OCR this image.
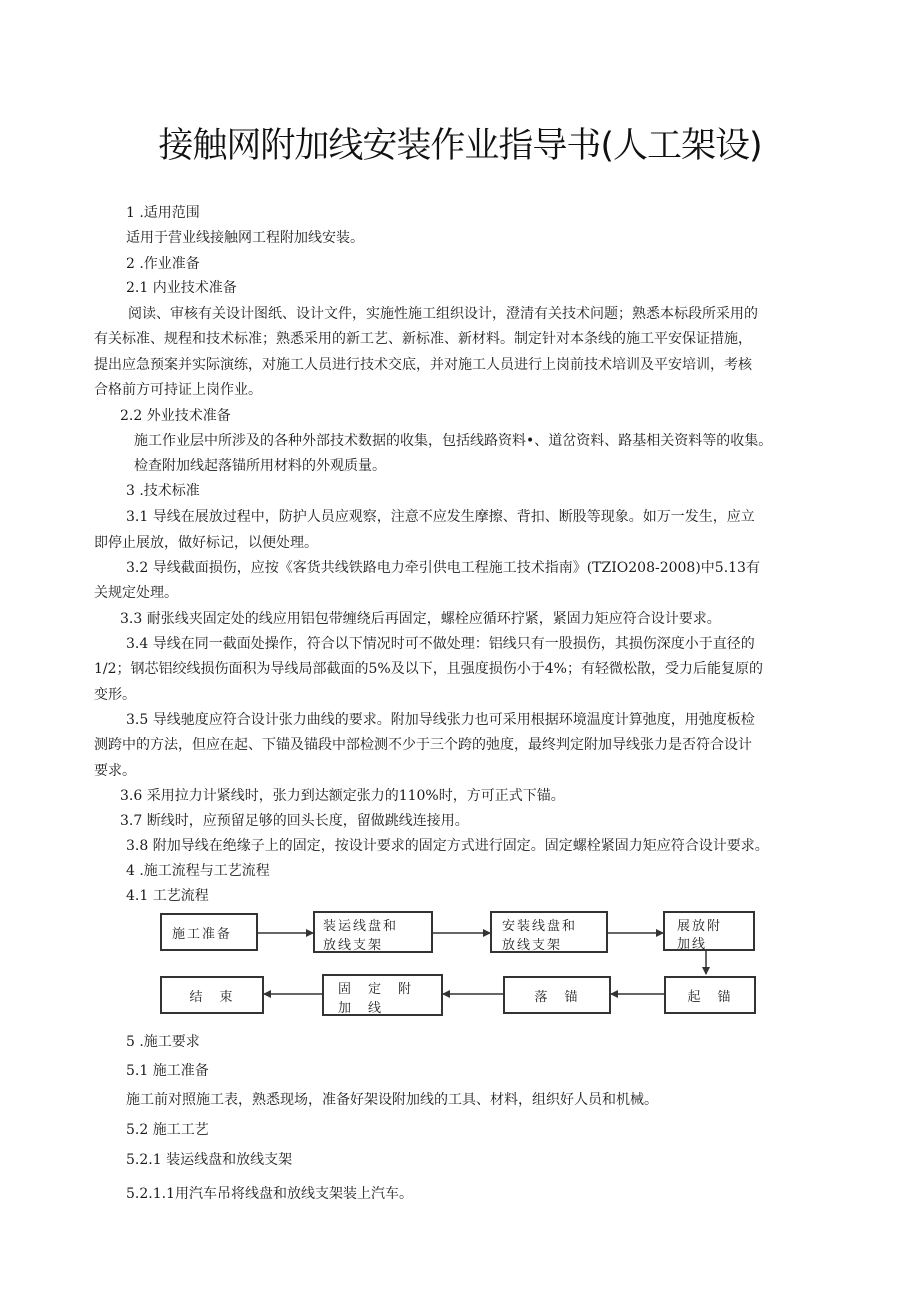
接触网附加线安装作业指导书(人工架设)
1 .适用范围
适用于营业线接触网工程附加线安装。
2 .作业准备
2.1 内业技术准备
阅读、审核有关设计图纸、设计文件，实施性施工组织设计，澄清有关技术问题；熟悉本标段所采用的
有关标准、规程和技术标准；熟悉采用的新工艺、新标准、新材料。制定针对本条线的施工平安保证措施，
提出应急预案并实际演练，对施工人员进行技术交底，并对施工人员进行上岗前技术培训及平安培训，考核
合格前方可持证上岗作业。
2.2 外业技术准备
施工作业层中所涉及的各种外部技术数据的收集，包括线路资料•、道岔资料、路基相关资料等的收集。
检查附加线起落锚所用材料的外观质量。
3 .技术标准
3.1 导线在展放过程中，防护人员应观察，注意不应发生摩擦、背扣、断股等现象。如万一发生，应立
即停止展放，做好标记，以便处理。
3.2 导线截面损伤，应按《客货共线铁路电力牵引供电工程施工技术指南》(TZIO208-2008)中5.13有
关规定处理。
3.3 耐张线夹固定处的线应用铝包带缠绕后再固定，螺栓应循环拧紧，紧固力矩应符合设计要求。
3.4 导线在同一截面处操作，符合以下情况时可不做处理：铝线只有一股损伤，其损伤深度小于直径的
1/2；钢芯铝绞线损伤面积为导线局部截面的5%及以下，且强度损伤小于4%；有轻微松散，受力后能复原的
变形。
3.5 导线驰度应符合设计张力曲线的要求。附加导线张力也可采用根据环境温度计算弛度，用弛度板检
测跨中的方法，但应在起、下锚及锚段中部检测不少于三个跨的弛度，最终判定附加导线张力是否符合设计
要求。
3.6 采用拉力计紧线时，张力到达额定张力的110%时，方可正式下锚。
3.7 断线时，应预留足够的回头长度，留做跳线连接用。
3.8 附加导线在绝缘子上的固定，按设计要求的固定方式进行固定。固定螺栓紧固力矩应符合设计要求。
4 .施工流程与工艺流程
4.1 工艺流程
施工准备
装运线盘和
放线支架
安装线盘和
放线支架
展放附
加线
起　锚
落　锚
固　定　附
加　线
结　束
5 .施工要求
5.1 施工准备
施工前对照施工表，熟悉现场，准备好架设附加线的工具、材料，组织好人员和机械。
5.2 施工工艺
5.2.1 装运线盘和放线支架
5.2.1.1用汽车吊将线盘和放线支架装上汽车。
